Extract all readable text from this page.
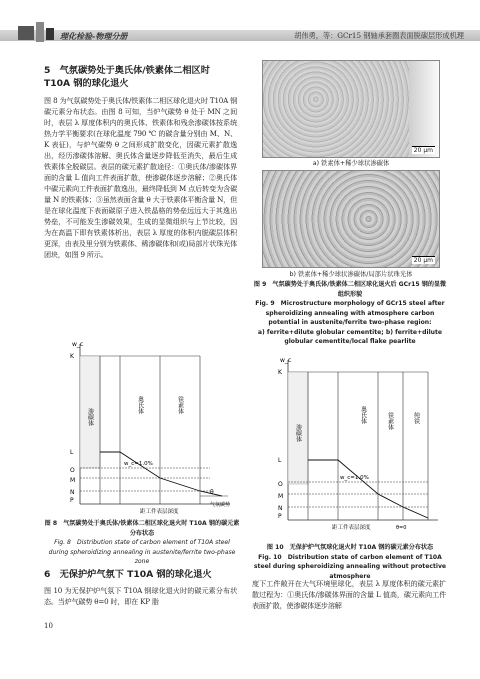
理化检验-物理分册	胡伟勇，等：GCr15 钢轴承套圈表面脱碳层形成机理
5　气氛碳势处于奥氏体/铁素体二相区时 T10A 钢的球化退火

图 8 为气氛碳势处于奥氏体/铁素体二相区球化退火时 T10A 钢碳元素分布状态。由图 8 可知，当炉气碳势 θ 处于 MN 之间时，表层 λ 厚度体积内的奥氏体、铁素体和残余渗碳体按系统热力学平衡要求(在球化温度 790 ℃ 的碳含量分别由 M、N、K 表征)，与炉气碳势 θ 之间形成扩散变化，因碳元素扩散逸出，经历渗碳体溶解、奥氏体含量逐步降低至消失，最后生成铁素体全脱碳层。表层的碳元素扩散途径：①奥氏体/渗碳体界面的含量 L 值向工件表面扩散，使渗碳体逐步溶解；②奥氏体中碳元素向工件表面扩散逸出，最终降低到 M 点后转变为含碳量 N 的铁素体；③虽然表面含量 θ 大于铁素体平衡含量 N，但是在球化温度下表面碳原子进入铁晶格的势垒远远大于其逸出势垒，不可能发生渗碳效果，生成的显微组织与上节比较，因为在高温下即有铁素体析出，表层 λ 厚度的体积内脱碳层体积更深，由表及里分别为铁素体、稀渗碳体和(或)局部片状珠光体团块，如图 9 所示。

w_c
K
L
O
M
N
P
渗碳体
奥氏体	铁素体
w_c=1.0%
θ
气氛碳势
距工件表层深度
图 8　气氛碳势处于奥氏体/铁素体二相区球化退火时 T10A 钢的碳元素分布状态
Fig. 8　Distribution state of carbon element of T10A steel during spheroidizing annealing in austenite/ferrite two-phase zone
6　无保护炉气氛下 T10A 钢的球化退火

图 10 为无保护炉气氛下 T10A 钢球化退火时的碳元素分布状态。当炉气碳势 θ=0 时，即在 KP 脂

10
20 μm
a) 铁素体+稀少球状渗碳体
20 μm
b) 铁素体+稀少球状渗碳体/局部片状珠光体
图 9　气氛碳势处于奥氏体/铁素体二相区球化退火后 GCr15 钢的显微组织形貌
Fig. 9　Microstructure morphology of GCr15 steel after spheroidizing annealing with atmosphere carbon potential in austenite/ferrite two-phase region:
a) ferrite+dilute globular cementite; b) ferrite+dilute globular cementite/local flake pearlite
w_c
K
L
O
M
N
P
渗碳体
奥氏体	铁素体	纯铁
w_c=1.0%
θ=0
距工件表层深度
图 10　无保护炉气氛球化退火时 T10A 钢的碳元素分布状态
Fig. 10　Distribution state of carbon element of T10A steel during spheroidizing annealing without protective atmosphere

度下工件敞开在大气环境里球化，表层 λ 厚度体积的碳元素扩散过程为：①奥氏体/渗碳体界面的含量 L 值高，碳元素向工件表面扩散，使渗碳体逐步溶解
